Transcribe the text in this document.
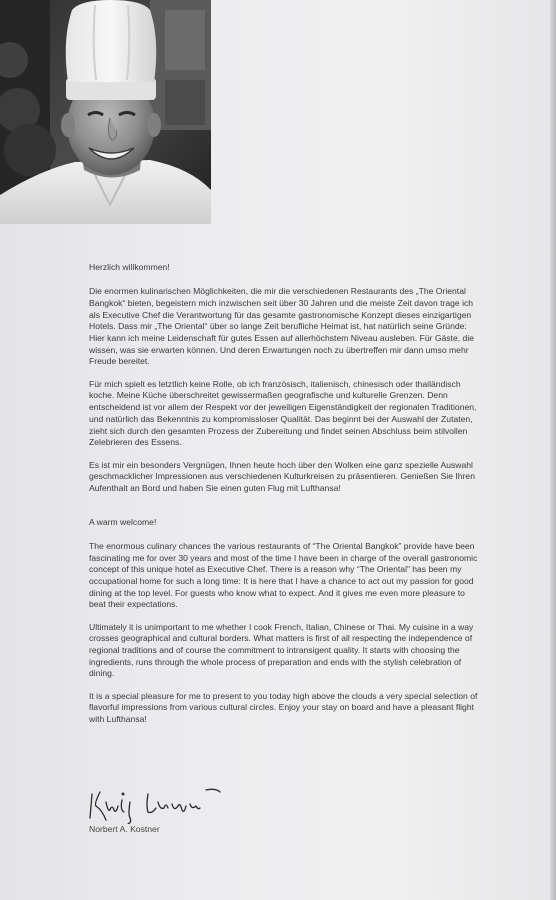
Herzlich willkommen!

Die enormen kulinarischen Möglichkeiten, die mir die verschiedenen Restaurants des „The Oriental Bangkok“ bieten, begeistern mich inzwischen seit über 30 Jahren und die meiste Zeit davon trage ich als Executive Chef die Verantwortung für das gesamte gastronomische Konzept dieses einzigartigen Hotels. Dass mir „The Oriental“ über so lange Zeit berufliche Heimat ist, hat natürlich seine Gründe: Hier kann ich meine Leidenschaft für gutes Essen auf allerhöchstem Niveau ausleben. Für Gäste, die wissen, was sie erwarten können. Und deren Erwartungen noch zu übertreffen mir dann umso mehr Freude bereitet.

Für mich spielt es letztlich keine Rolle, ob ich französisch, italienisch, chinesisch oder thailändisch koche. Meine Küche überschreitet gewissermaßen geografische und kulturelle Grenzen. Denn entscheidend ist vor allem der Respekt vor der jeweiligen Eigenständigkeit der regionalen Traditionen, und natürlich das Bekenntnis zu kompromissloser Qualität. Das beginnt bei der Auswahl der Zutaten, zieht sich durch den gesamten Prozess der Zubereitung und findet seinen Abschluss beim stilvollen Zelebrieren des Essens.

Es ist mir ein besonders Vergnügen, Ihnen heute hoch über den Wolken eine ganz spezielle Auswahl geschmacklicher Impressionen aus verschiedenen Kulturkreisen zu präsentieren. Genießen Sie Ihren Aufenthalt an Bord und haben Sie einen guten Flug mit Lufthansa!

A warm welcome!

The enormous culinary chances the various restaurants of “The Oriental Bangkok” provide have been fascinating me for over 30 years and most of the time I have been in charge of the overall gastronomic concept of this unique hotel as Executive Chef. There is a reason why “The Oriental” has been my occupational home for such a long time: It is here that I have a chance to act out my passion for good dining at the top level. For guests who know what to expect. And it gives me even more pleasure to beat their expectations.

Ultimately it is unimportant to me whether I cook French, Italian, Chinese or Thai. My cuisine in a way crosses geographical and cultural borders. What matters is first of all respecting the independence of regional traditions and of course the commitment to intransigent quality. It starts with choosing the ingredients, runs through the whole process of preparation and ends with the stylish celebration of dining.

It is a special pleasure for me to present to you today high above the clouds a very special selection of flavorful impressions from various cultural circles. Enjoy your stay on board and have a pleasant flight with Lufthansa!

Norbert A. Kostner
